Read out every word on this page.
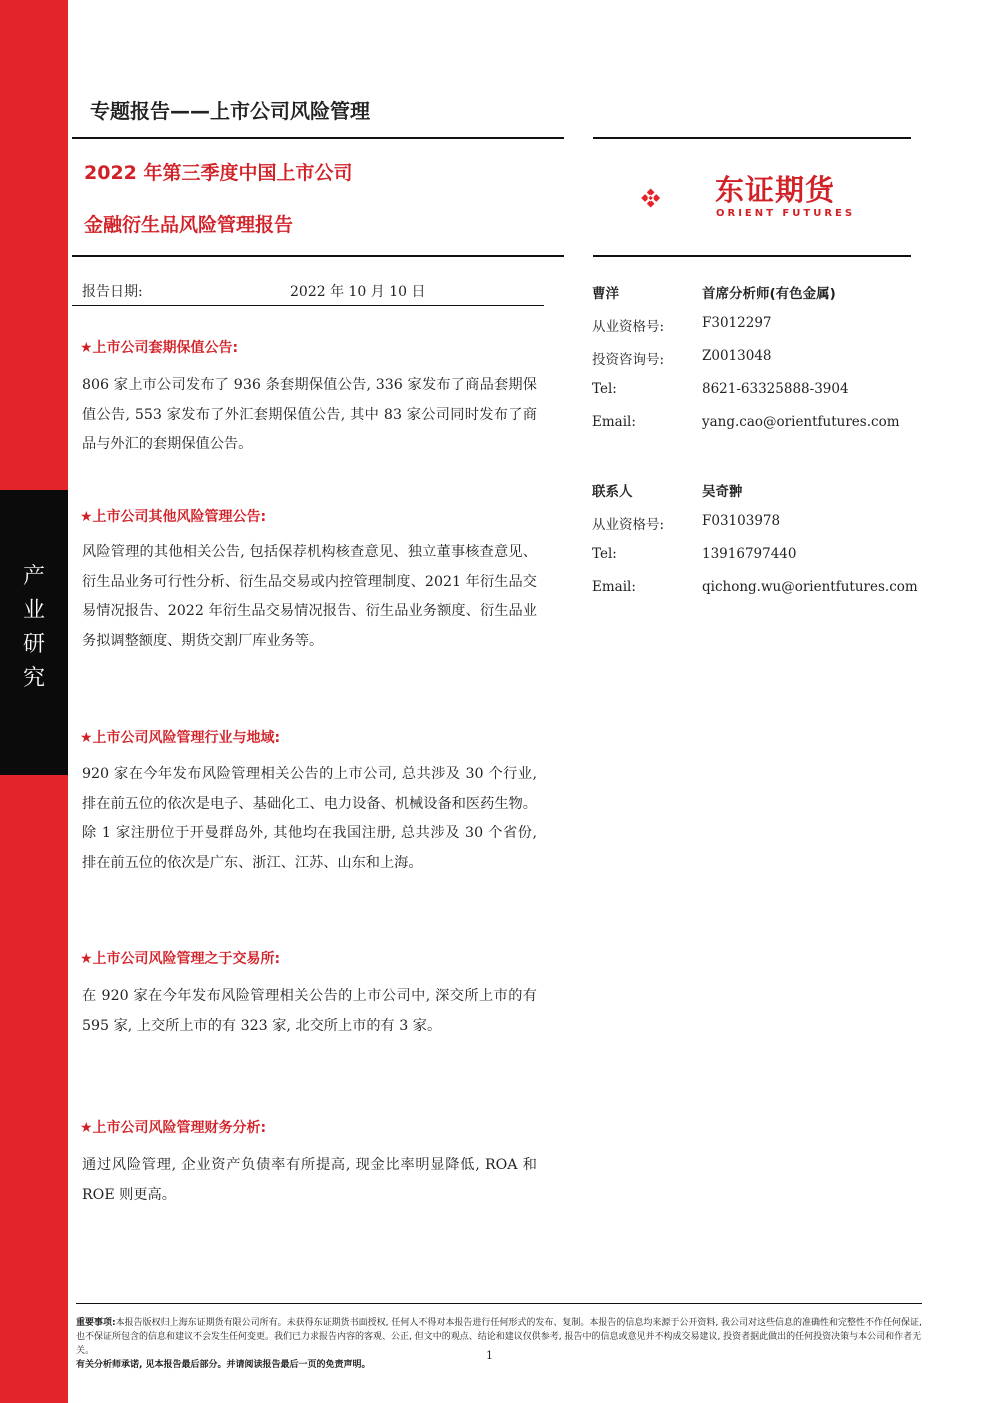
产
业
研
究
专题报告——上市公司风险管理
2022 年第三季度中国上市公司
金融衍生品风险管理报告
东证期货
ORIENT FUTURES
报告日期:	2022 年 10 月 10 日
★上市公司套期保值公告:
806 家上市公司发布了 936 条套期保值公告, 336 家发布了商品套期保值公告, 553 家发布了外汇套期保值公告, 其中 83 家公司同时发布了商品与外汇的套期保值公告。
★上市公司其他风险管理公告:
风险管理的其他相关公告, 包括保荐机构核查意见、独立董事核查意见、衍生品业务可行性分析、衍生品交易或内控管理制度、2021 年衍生品交易情况报告、2022 年衍生品交易情况报告、衍生品业务额度、衍生品业务拟调整额度、期货交割厂库业务等。
★上市公司风险管理行业与地域:
920 家在今年发布风险管理相关公告的上市公司, 总共涉及 30 个行业, 排在前五位的依次是电子、基础化工、电力设备、机械设备和医药生物。除 1 家注册位于开曼群岛外, 其他均在我国注册, 总共涉及 30 个省份, 排在前五位的依次是广东、浙江、江苏、山东和上海。
★上市公司风险管理之于交易所:
在 920 家在今年发布风险管理相关公告的上市公司中, 深交所上市的有 595 家, 上交所上市的有 323 家, 北交所上市的有 3 家。
★上市公司风险管理财务分析:
通过风险管理, 企业资产负债率有所提高, 现金比率明显降低, ROA 和 ROE 则更高。
曹洋	首席分析师(有色金属)
从业资格号:	F3012297
投资咨询号:	Z0013048
Tel:	8621-63325888-3904
Email:	yang.cao@orientfutures.com
联系人	吴奇翀
从业资格号:	F03103978
Tel:	13916797440
Email:	qichong.wu@orientfutures.com
重要事项:本报告版权归上海东证期货有限公司所有。未获得东证期货书面授权, 任何人不得对本报告进行任何形式的发布、复制。本报告的信息均来源于公开资料, 我公司对这些信息的准确性和完整性不作任何保证, 也不保证所包含的信息和建议不会发生任何变更。我们已力求报告内容的客观、公正, 但文中的观点、结论和建议仅供参考, 报告中的信息或意见并不构成交易建议, 投资者据此做出的任何投资决策与本公司和作者无关。
有关分析师承诺, 见本报告最后部分。并请阅读报告最后一页的免责声明。
1
